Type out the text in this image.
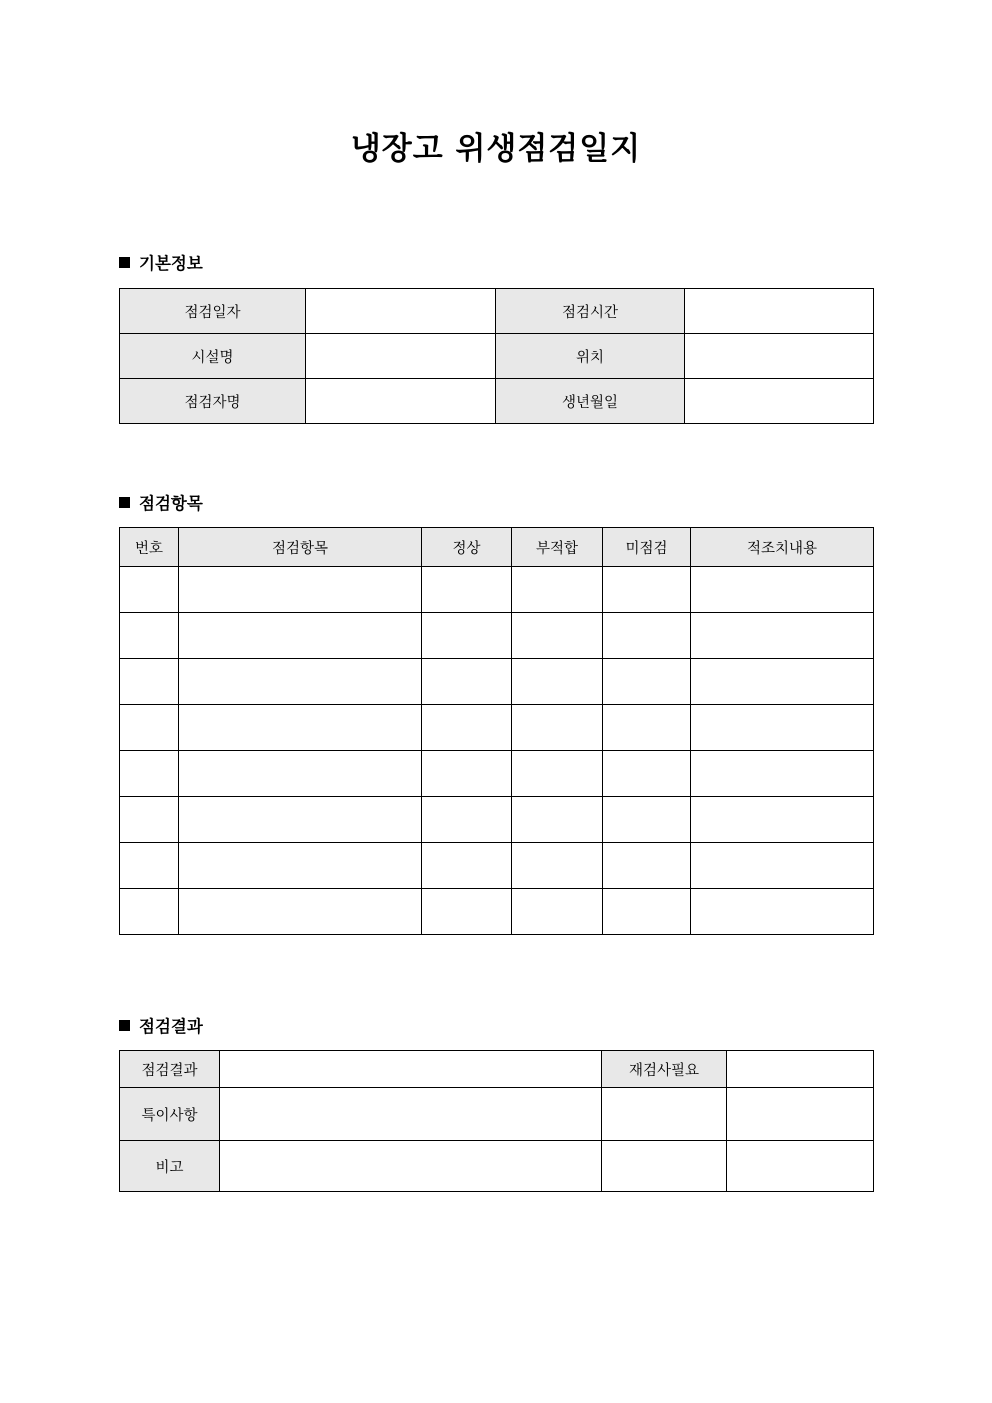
냉장고 위생점검일지
기본정보
점검일자		점검시간	
시설명		위치	
점검자명		생년월일	
점검항목
번호	점검항목	정상	부적합	미점검	적조치내용

점검결과
점검결과		재검사필요	
특이사항			
비고			
